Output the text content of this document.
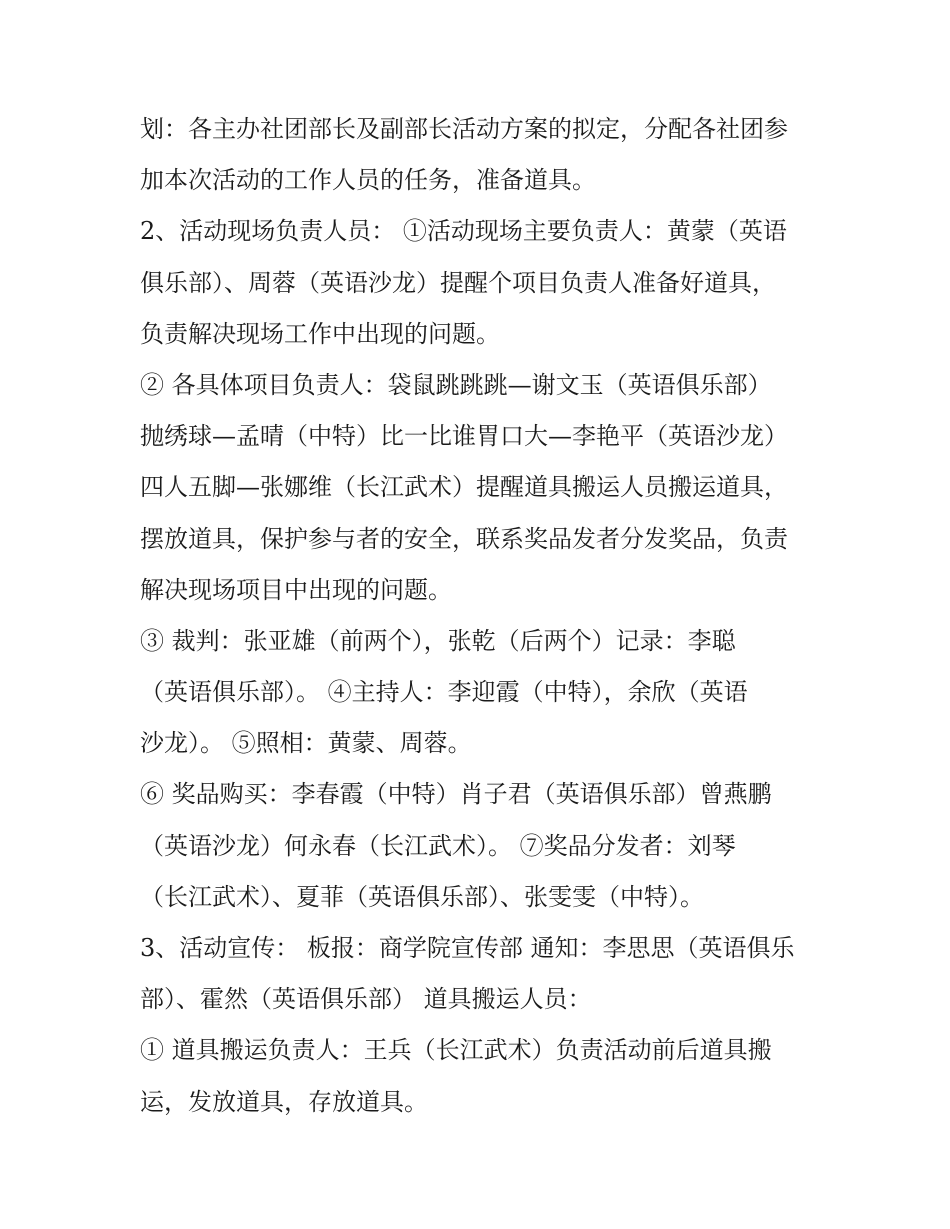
划：各主办社团部长及副部长活动方案的拟定，分配各社团参
加本次活动的工作人员的任务，准备道具。
2、活动现场负责人员： ①活动现场主要负责人：黄蒙（英语
俱乐部）、周蓉（英语沙龙）提醒个项目负责人准备好道具，
负责解决现场工作中出现的问题。
② 各具体项目负责人：袋鼠跳跳跳—谢文玉（英语俱乐部）
抛绣球—孟晴（中特）比一比谁胃口大—李艳平（英语沙龙）
四人五脚—张娜维（长江武术）提醒道具搬运人员搬运道具，
摆放道具，保护参与者的安全，联系奖品发者分发奖品，负责
解决现场项目中出现的问题。
③ 裁判：张亚雄（前两个），张乾（后两个）记录：李聪
（英语俱乐部）。 ④主持人：李迎霞（中特），余欣（英语
沙龙）。 ⑤照相：黄蒙、周蓉。
⑥ 奖品购买：李春霞（中特）肖子君（英语俱乐部）曾燕鹏
（英语沙龙）何永春（长江武术）。 ⑦奖品分发者：刘琴
（长江武术）、夏菲（英语俱乐部）、张雯雯（中特）。
3、活动宣传： 板报：商学院宣传部 通知：李思思（英语俱乐
部）、霍然（英语俱乐部） 道具搬运人员：
① 道具搬运负责人：王兵（长江武术）负责活动前后道具搬
运，发放道具，存放道具。
